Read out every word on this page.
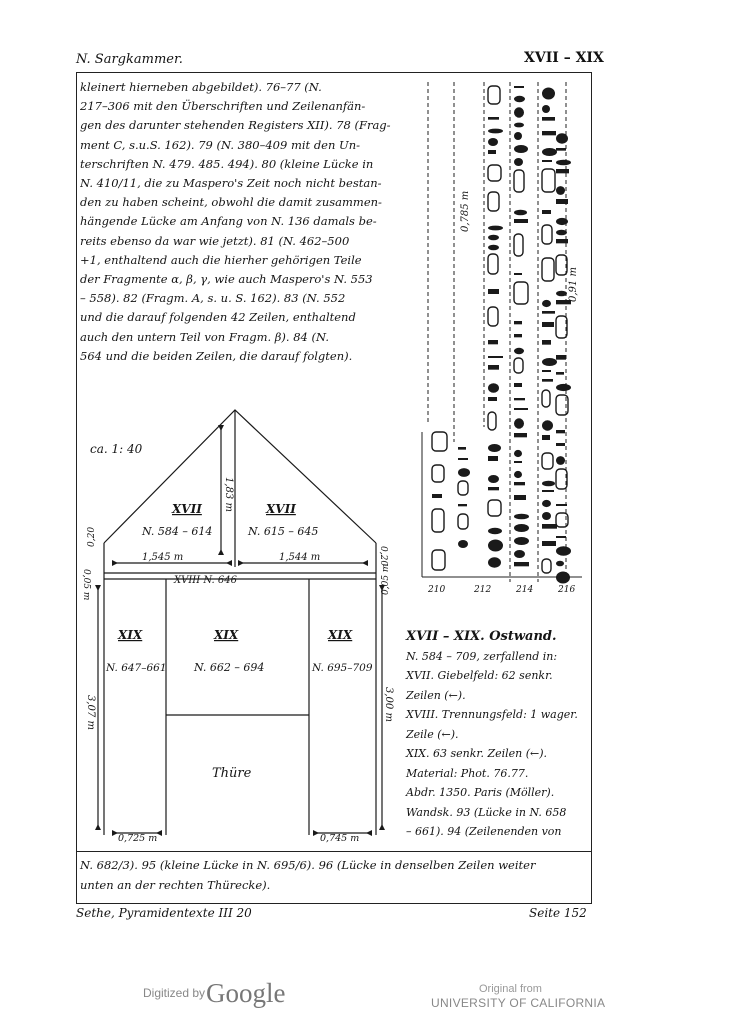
N. Sargkammer.	XVII – XIX
kleinert hierneben abgebildet). 76–77 (N.
217–306 mit den Überschriften und Zeilenanfän-
gen des darunter stehenden Registers XII). 78 (Frag-
ment C, s.u.S. 162). 79 (N. 380–409 mit den Un-
terschriften N. 479. 485. 494). 80 (kleine Lücke in
N. 410/11, die zu Maspero's Zeit noch nicht bestan-
den zu haben scheint, obwohl die damit zusammen-
hängende Lücke am Anfang von N. 136 damals be-
reits ebenso da war wie jetzt). 81 (N. 462–500
+1, enthaltend auch die hierher gehörigen Teile
der Fragmente α, β, γ, wie auch Maspero's N. 553
– 558). 82 (Fragm. A, s. u. S. 162). 83 (N. 552
und die darauf folgenden 42 Zeilen, enthaltend
auch den untern Teil von Fragm. β). 84 (N.
564 und die beiden Zeilen, die darauf folgten).
ca. 1: 40
XVII
N. 584 – 614
XVII
N. 615 – 645
1,83 m
1,545 m	1,544 m
0,20
0,20
0,05 m	0,05 m
XVIII N. 646
XIX
N. 647–661
XIX
N. 662 – 694
XIX
N. 695–709
3,07 m	3,00 m
Thüre
0,725 m	0,745 m
0,785 m
0,91 m
210	212	214	216
XVII – XIX. Ostwand.
N. 584 – 709, zerfallend in:
XVII. Giebelfeld: 62 senkr.
Zeilen (←).
XVIII. Trennungsfeld: 1 wager.
Zeile (←).
XIX. 63 senkr. Zeilen (←).
Material: Phot. 76.77.
Abdr. 1350. Paris (Möller).
Wandsk. 93 (Lücke in N. 658
– 661). 94 (Zeilenenden von
N. 682/3). 95 (kleine Lücke in N. 695/6). 96 (Lücke in denselben Zeilen weiter
unten an der rechten Thürecke).
Sethe, Pyramidentexte III 20	Seite 152
Digitized by Google	Original from
UNIVERSITY OF CALIFORNIA
